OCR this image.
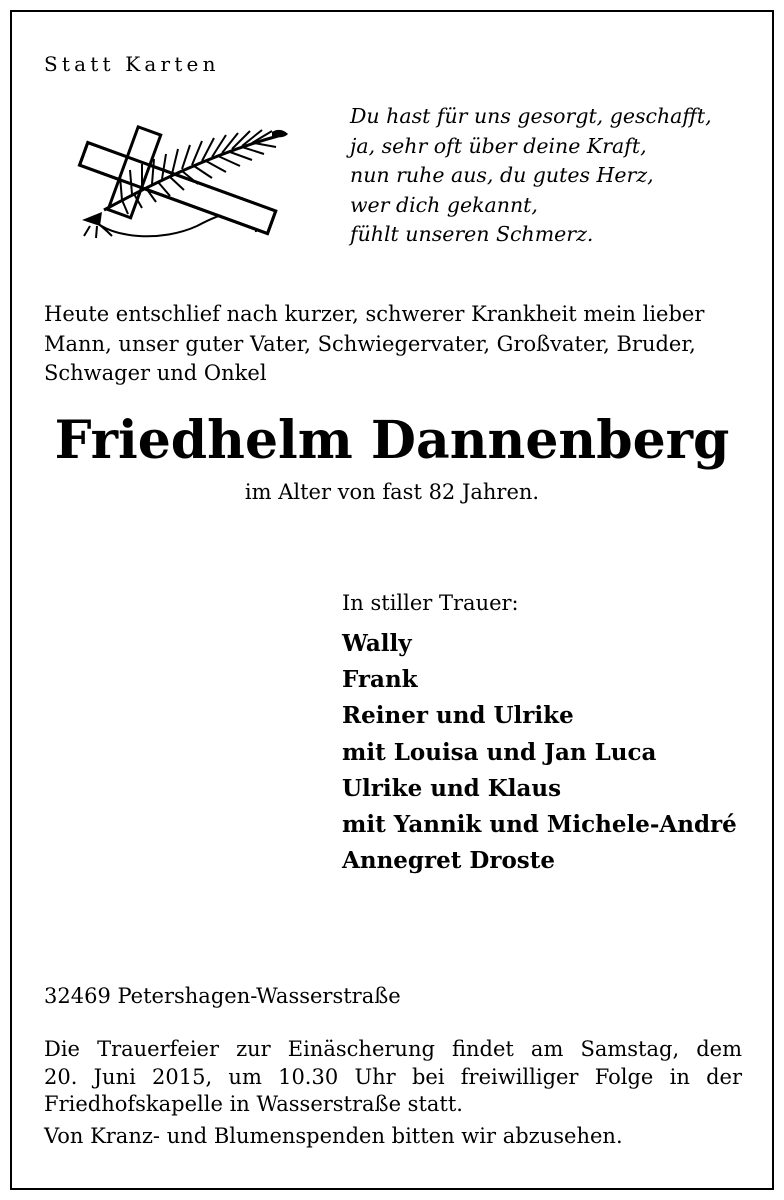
Statt Karten
Du hast für uns gesorgt, geschafft,
ja, sehr oft über deine Kraft,
nun ruhe aus, du gutes Herz,
wer dich gekannt,
fühlt unseren Schmerz.
Heute entschlief nach kurzer, schwerer Krankheit mein lieber
Mann, unser guter Vater, Schwiegervater, Großvater, Bruder,
Schwager und Onkel
Friedhelm Dannenberg
im Alter von fast 82 Jahren.
In stiller Trauer:
Wally
Frank
Reiner und Ulrike
mit Louisa und Jan Luca
Ulrike und Klaus
mit Yannik und Michele-André
Annegret Droste
32469 Petershagen-Wasserstraße
Die Trauerfeier zur Einäscherung findet am Samstag, dem
20. Juni 2015, um 10.30 Uhr bei freiwilliger Folge in der
Friedhofskapelle in Wasserstraße statt.
Von Kranz- und Blumenspenden bitten wir abzusehen.
